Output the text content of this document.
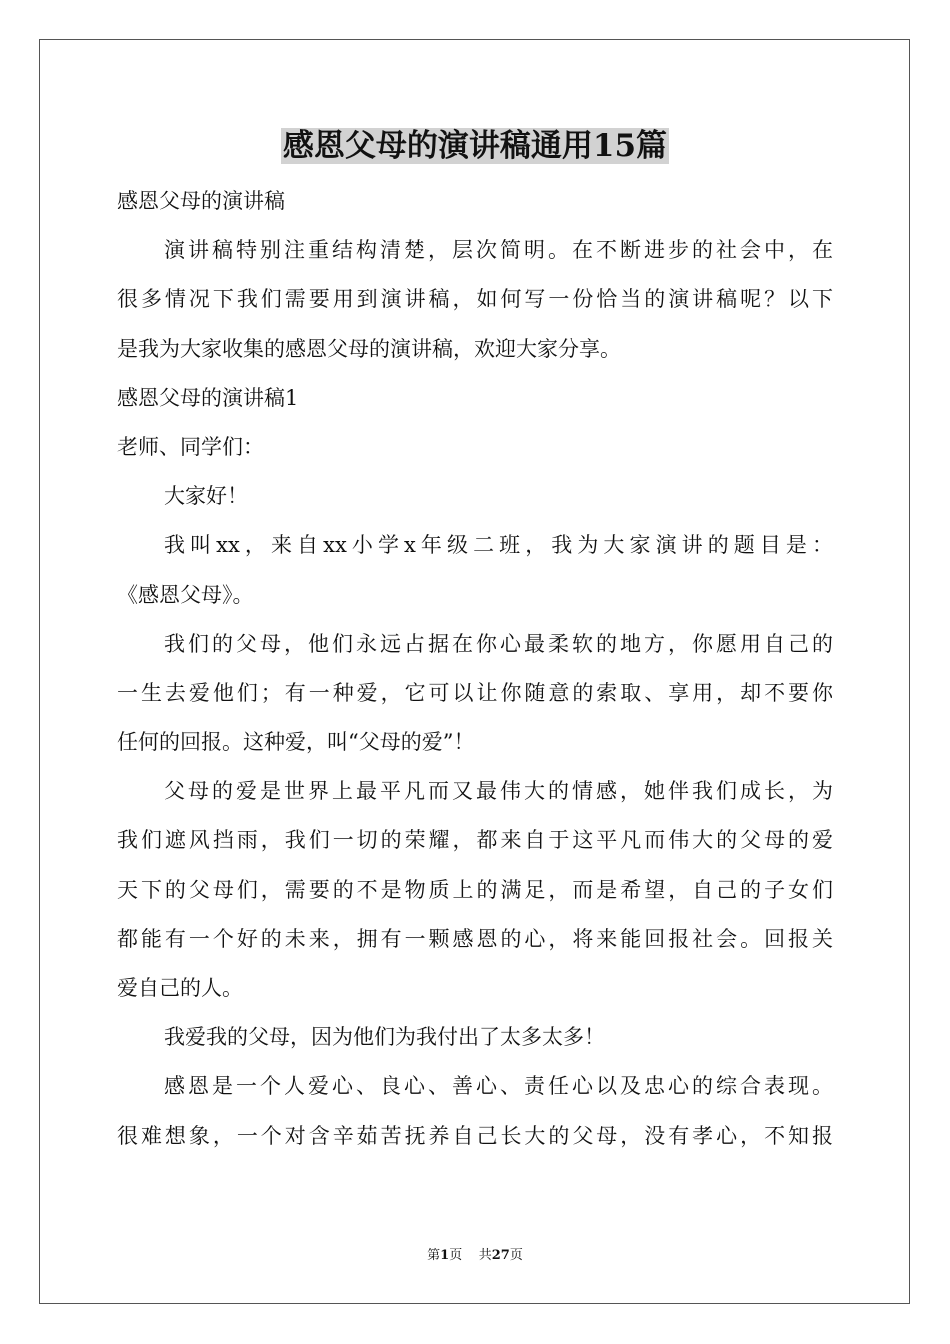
感恩父母的演讲稿通用15篇
感恩父母的演讲稿
演讲稿特别注重结构清楚，层次简明。在不断进步的社会中，在
很多情况下我们需要用到演讲稿，如何写一份恰当的演讲稿呢？以下
是我为大家收集的感恩父母的演讲稿，欢迎大家分享。
感恩父母的演讲稿1
老师、同学们：
大家好！
我叫xx，来自xx小学x年级二班，我为大家演讲的题目是：
《感恩父母》。
我们的父母，他们永远占据在你心最柔软的地方，你愿用自己的
一生去爱他们；有一种爱，它可以让你随意的索取、享用，却不要你
任何的回报。这种爱，叫“父母的爱”！
父母的爱是世界上最平凡而又最伟大的情感，她伴我们成长，为
我们遮风挡雨，我们一切的荣耀，都来自于这平凡而伟大的父母的爱
天下的父母们，需要的不是物质上的满足，而是希望，自己的子女们
都能有一个好的未来，拥有一颗感恩的心，将来能回报社会。回报关
爱自己的人。
我爱我的父母，因为他们为我付出了太多太多！
感恩是一个人爱心、良心、善心、责任心以及忠心的综合表现。
很难想象，一个对含辛茹苦抚养自己长大的父母，没有孝心，不知报
第1页 共27页
